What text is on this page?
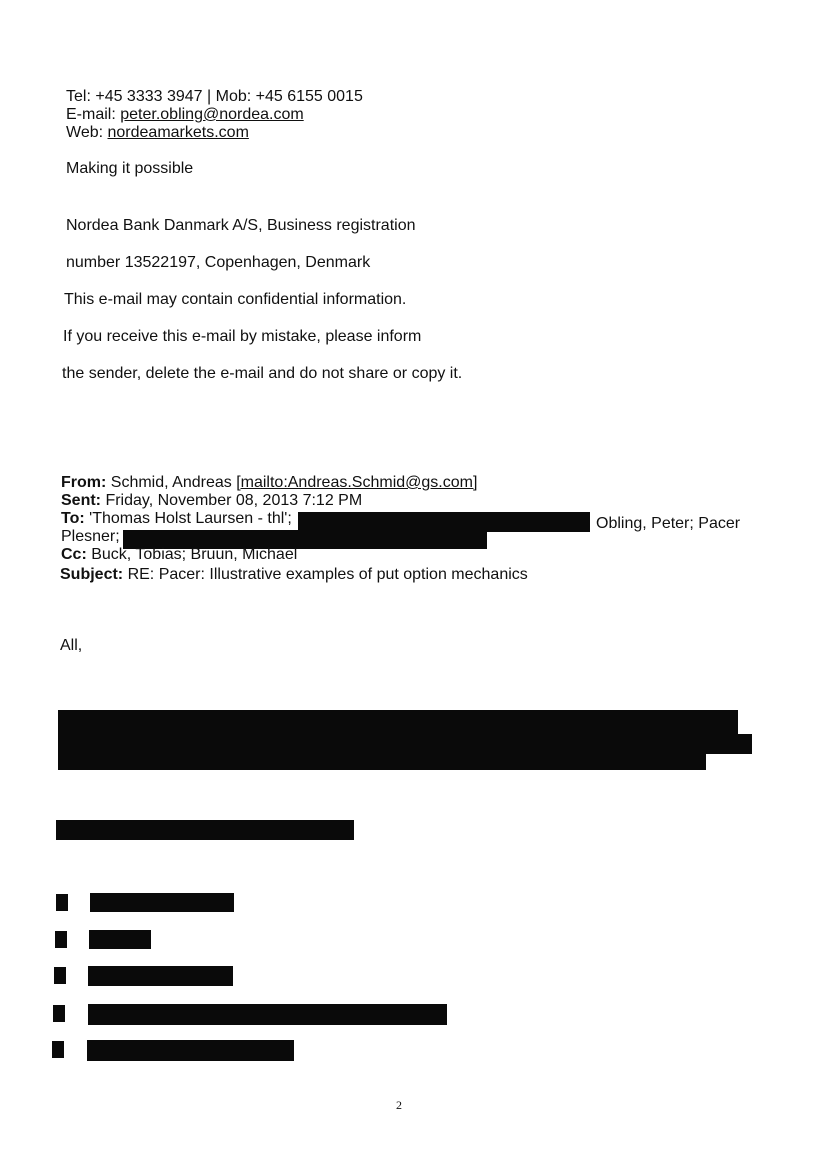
Tel: +45 3333 3947 | Mob: +45 6155 0015
E-mail: peter.obling@nordea.com
Web: nordeamarkets.com
Making it possible
Nordea Bank Danmark A/S, Business registration
number 13522197, Copenhagen, Denmark
This e-mail may contain confidential information.
If you receive this e-mail by mistake, please inform
the sender, delete the e-mail and do not share or copy it.
From: Schmid, Andreas [mailto:Andreas.Schmid@gs.com]
Sent: Friday, November 08, 2013 7:12 PM
To: 'Thomas Holst Laursen - thl';	Obling, Peter; Pacer
Plesner;
Cc: Buck, Tobias; Bruun, Michael
Subject: RE: Pacer: Illustrative examples of put option mechanics
All,
2
